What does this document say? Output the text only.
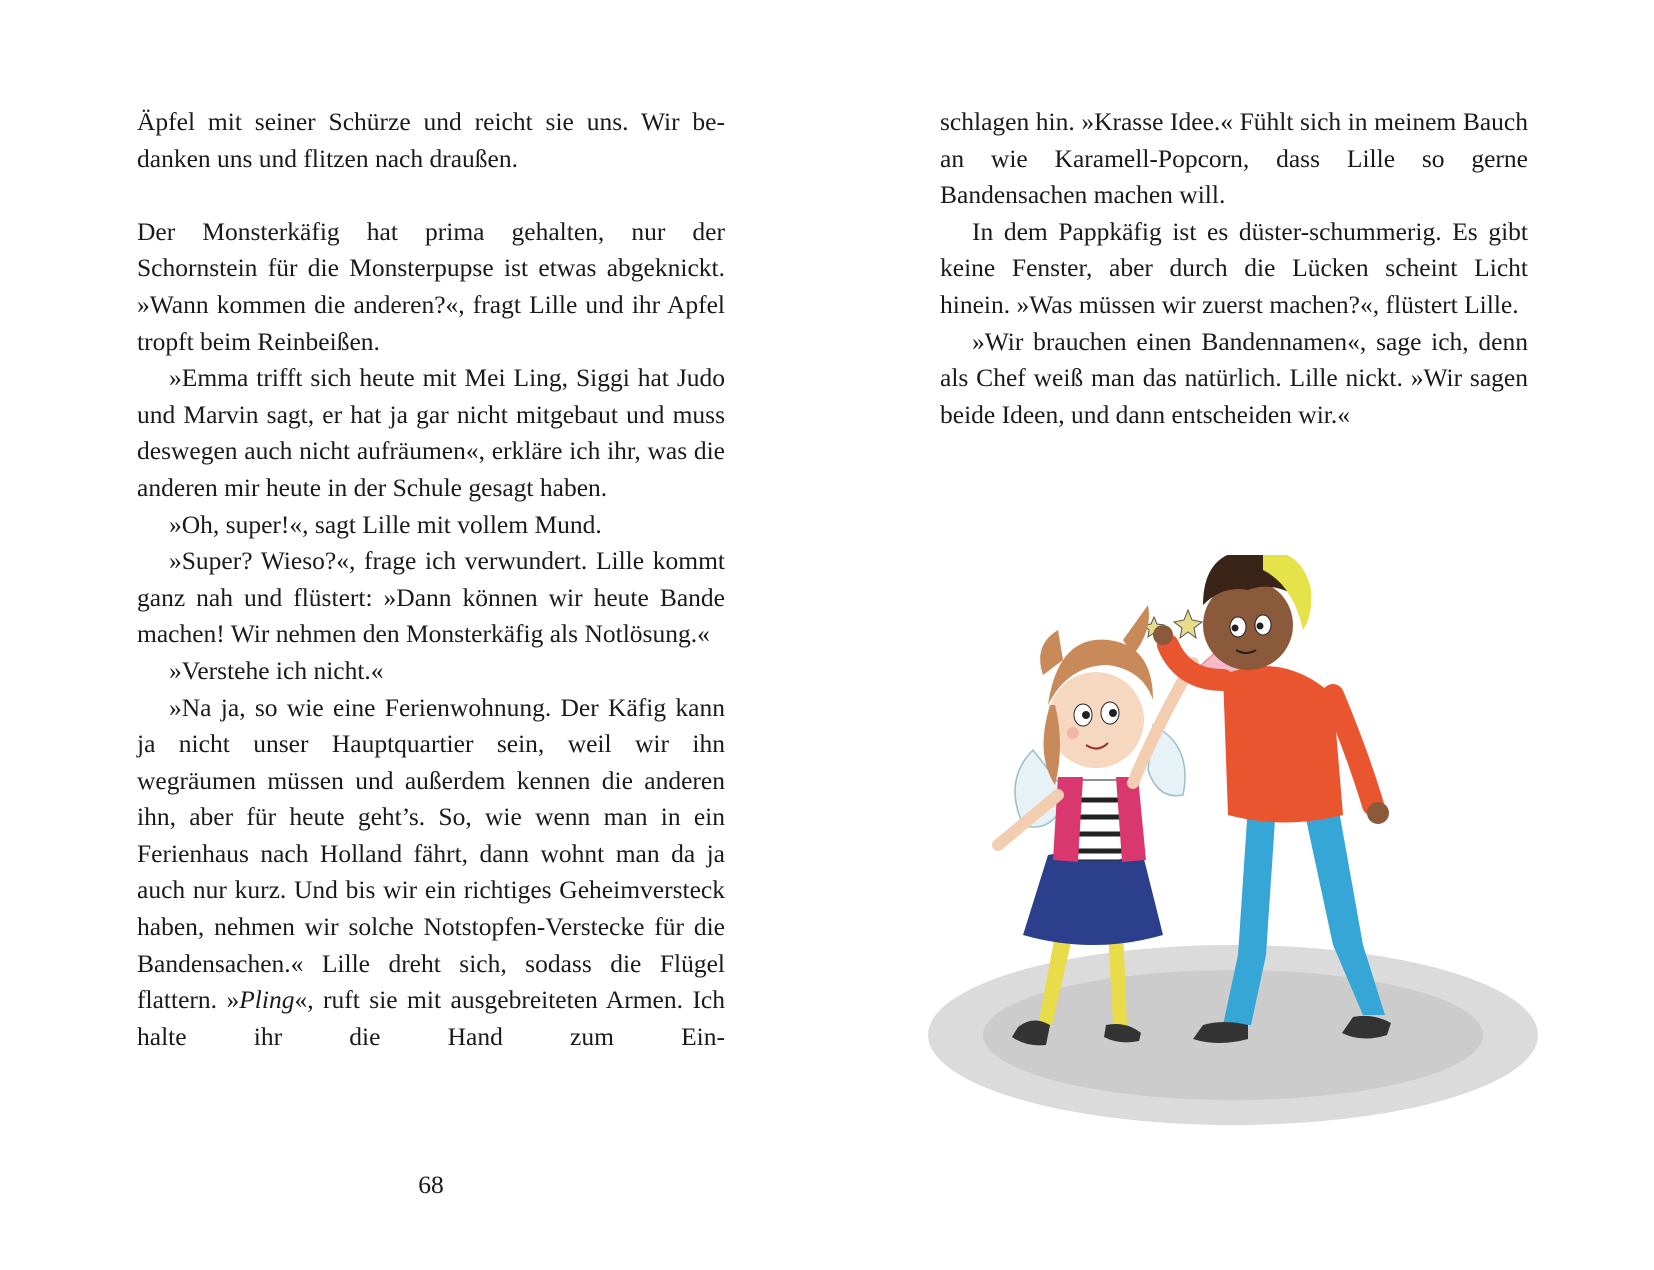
Äpfel mit seiner Schürze und reicht sie uns. Wir bedanken uns und flitzen nach draußen.

Der Monsterkäfig hat prima gehalten, nur der Schornstein für die Monsterpupse ist etwas abgeknickt. »Wann kommen die anderen?«, fragt Lille und ihr Apfel tropft beim Reinbeißen.

»Emma trifft sich heute mit Mei Ling, Siggi hat Judo und Marvin sagt, er hat ja gar nicht mitgebaut und muss deswegen auch nicht aufräumen«, erkläre ich ihr, was die anderen mir heute in der Schule gesagt haben.

»Oh, super!«, sagt Lille mit vollem Mund.

»Super? Wieso?«, frage ich verwundert. Lille kommt ganz nah und flüstert: »Dann können wir heute Bande machen! Wir nehmen den Monsterkäfig als Notlösung.«

»Verstehe ich nicht.«

»Na ja, so wie eine Ferienwohnung. Der Käfig kann ja nicht unser Hauptquartier sein, weil wir ihn wegräumen müssen und außerdem kennen die anderen ihn, aber für heute geht’s. So, wie wenn man in ein Ferienhaus nach Holland fährt, dann wohnt man da ja auch nur kurz. Und bis wir ein richtiges Geheimversteck haben, nehmen wir solche Notstopfen-Verstecke für die Bandensachen.« Lille dreht sich, sodass die Flügel flattern. »Pling«, ruft sie mit ausgebreiteten Armen. Ich halte ihr die Hand zum Ein-

68

schlagen hin. »Krasse Idee.« Fühlt sich in meinem Bauch an wie Karamell-Popcorn, dass Lille so gerne Bandensachen machen will.

In dem Pappkäfig ist es düster-schummerig. Es gibt keine Fenster, aber durch die Lücken scheint Licht hinein. »Was müssen wir zuerst machen?«, flüstert Lille.

»Wir brauchen einen Bandennamen«, sage ich, denn als Chef weiß man das natürlich. Lille nickt. »Wir sagen beide Ideen, und dann entscheiden wir.«
